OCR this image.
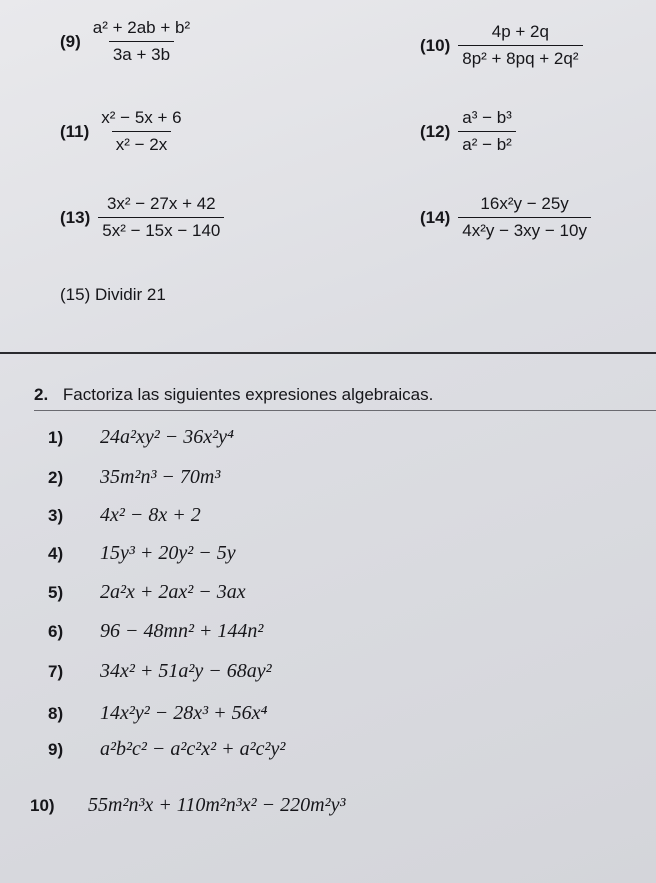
$(9) \frac{\text{a² + 2ab + b²}}{3a + 3b}$	$(10) \frac{4p + 2q}{\text{8p² + 8pq + 2q²}}$
$(11) \frac{\text{x² − 5x + 6}}{\text{x² − 2x}}$	$(12) \frac{\text{a³ − b³}}{\text{a² − b²}}$
$(13) \frac{\text{3x² − 27x + 42}}{\text{5x² − 15x − 140}}$	$(14) \frac{\text{16x²y − 25y}}{\text{4x²y − 3xy − 10y}}$
(15) Dividir 21
2. Factoriza las siguientes expresiones algebraicas.
1)	24a²xy² − 36x²y⁴
2)	35m²n³ − 70m³
3)	4x² − 8x + 2
4)	15y³ + 20y² − 5y
5)	2a²x + 2ax² − 3ax
6)	96 − 48mn² + 144n²
7)	34x² + 51a²y − 68ay²
8)	14x²y² − 28x³ + 56x⁴
9)	a²b²c² − a²c²x² + a²c²y²
10)	55m²n³x + 110m²n³x² − 220m²y³
